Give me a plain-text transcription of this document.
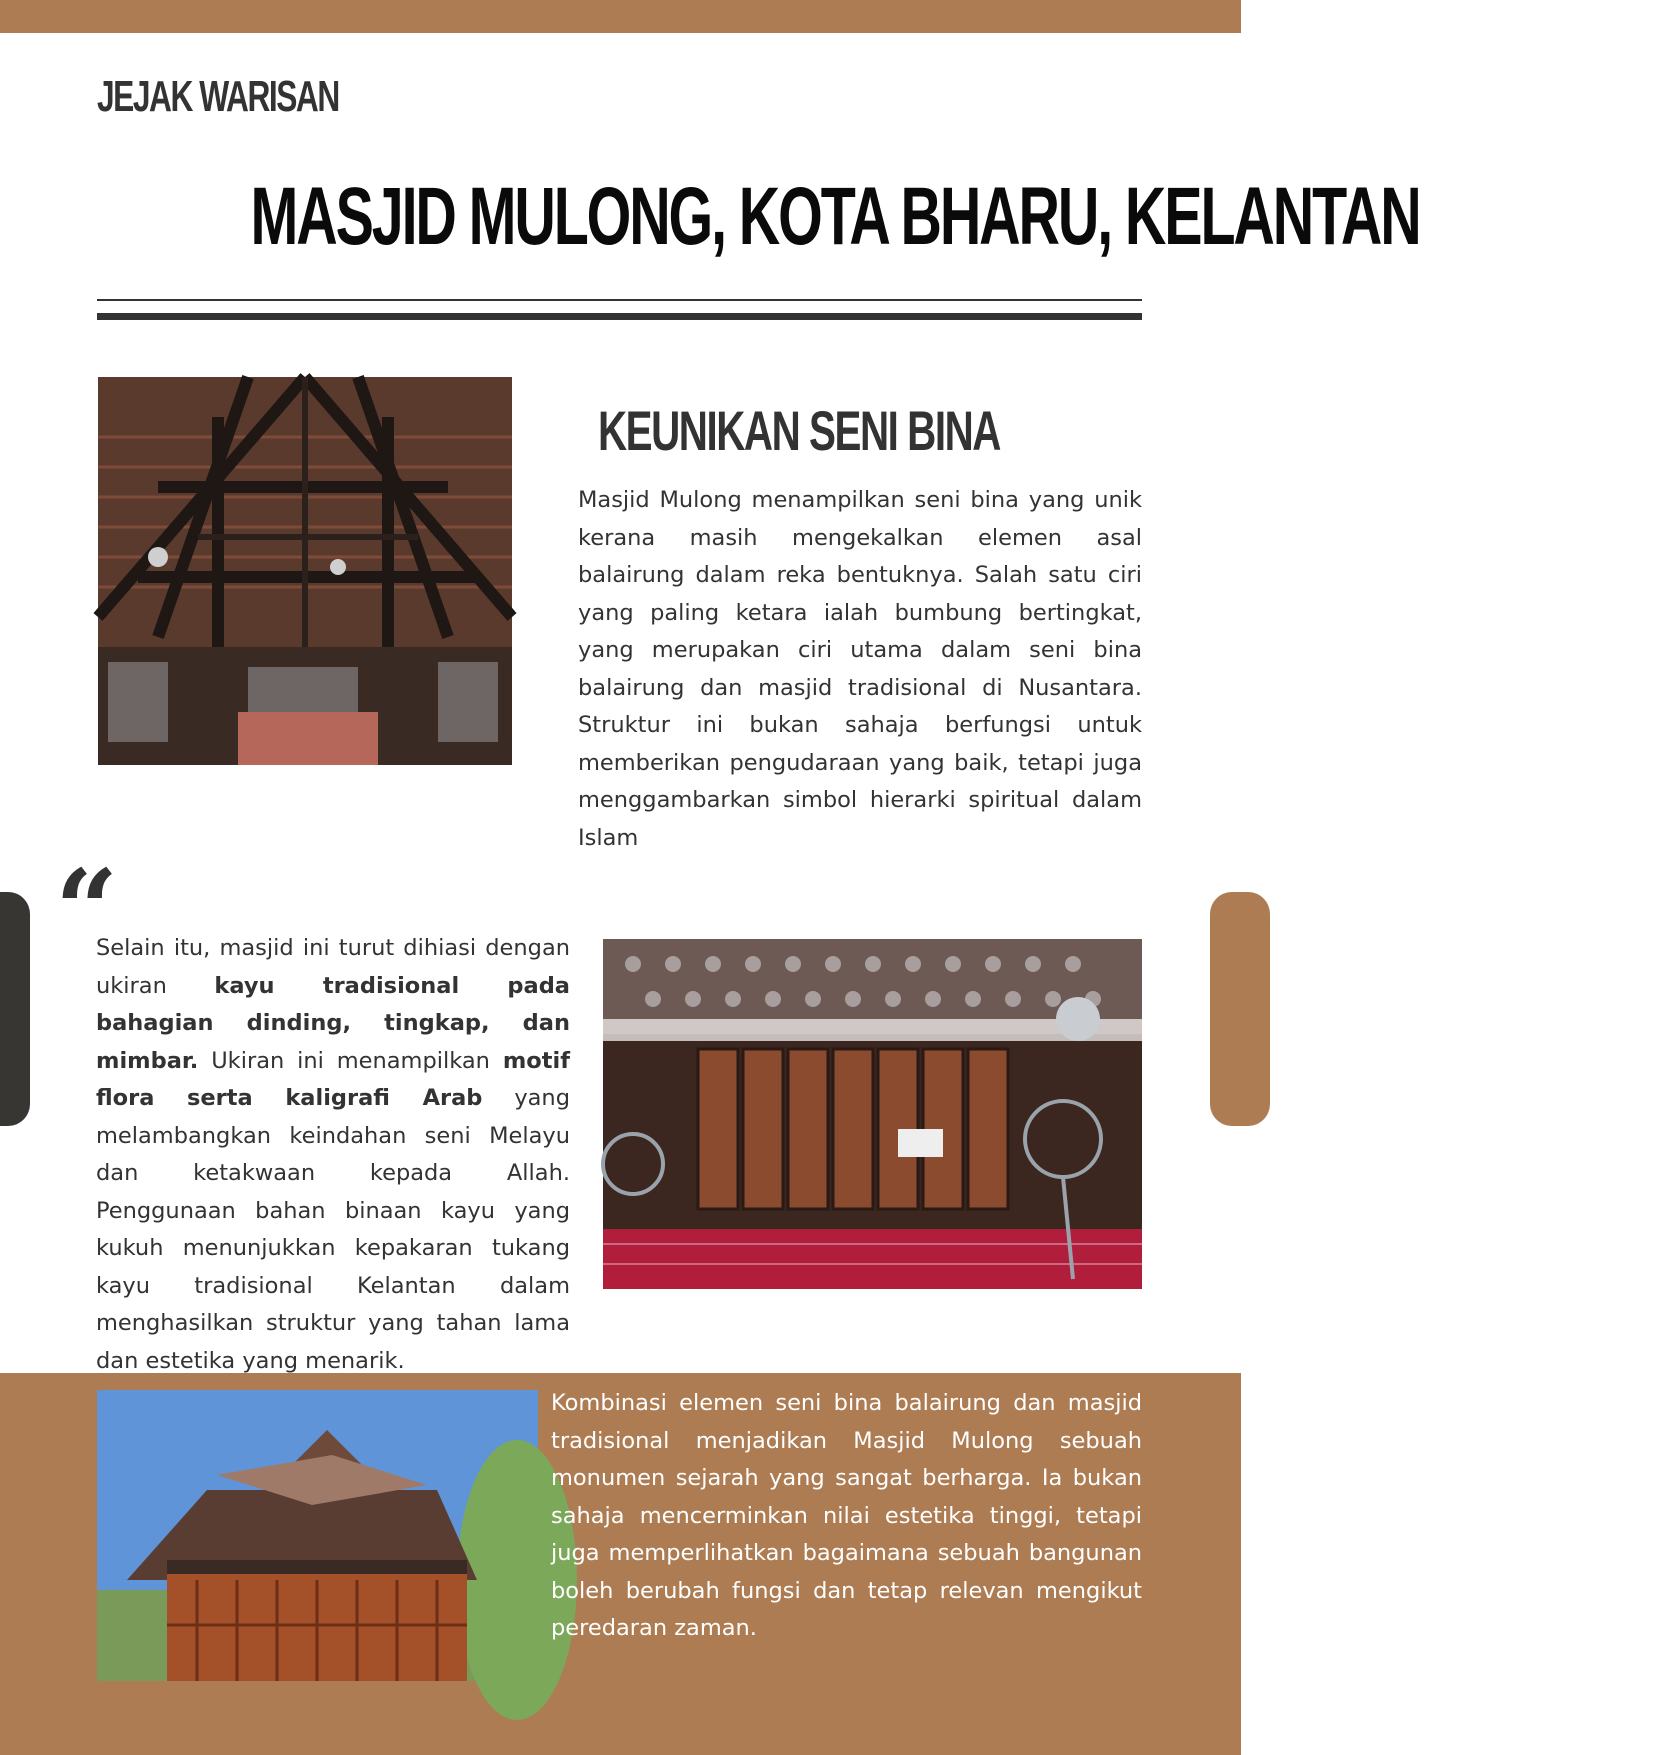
JEJAK WARISAN
MASJID MULONG, KOTA BHARU, KELANTAN
KEUNIKAN SENI BINA

Masjid Mulong menampilkan seni bina yang unik kerana masih mengekalkan elemen asal balairung dalam reka bentuknya. Salah satu ciri yang paling ketara ialah bumbung bertingkat, yang merupakan ciri utama dalam seni bina balairung dan masjid tradisional di Nusantara. Struktur ini bukan sahaja berfungsi untuk memberikan pengudaraan yang baik, tetapi juga menggambarkan simbol hierarki spiritual dalam Islam

“

Selain itu, masjid ini turut dihiasi dengan ukiran kayu tradisional pada bahagian dinding, tingkap, dan mimbar. Ukiran ini menampilkan motif flora serta kaligrafi Arab yang melambangkan keindahan seni Melayu dan ketakwaan kepada Allah. Penggunaan bahan binaan kayu yang kukuh menunjukkan kepakaran tukang kayu tradisional Kelantan dalam menghasilkan struktur yang tahan lama dan estetika yang menarik.

Kombinasi elemen seni bina balairung dan masjid tradisional menjadikan Masjid Mulong sebuah monumen sejarah yang sangat berharga. Ia bukan sahaja mencerminkan nilai estetika tinggi, tetapi juga memperlihatkan bagaimana sebuah bangunan boleh berubah fungsi dan tetap relevan mengikut peredaran zaman.
